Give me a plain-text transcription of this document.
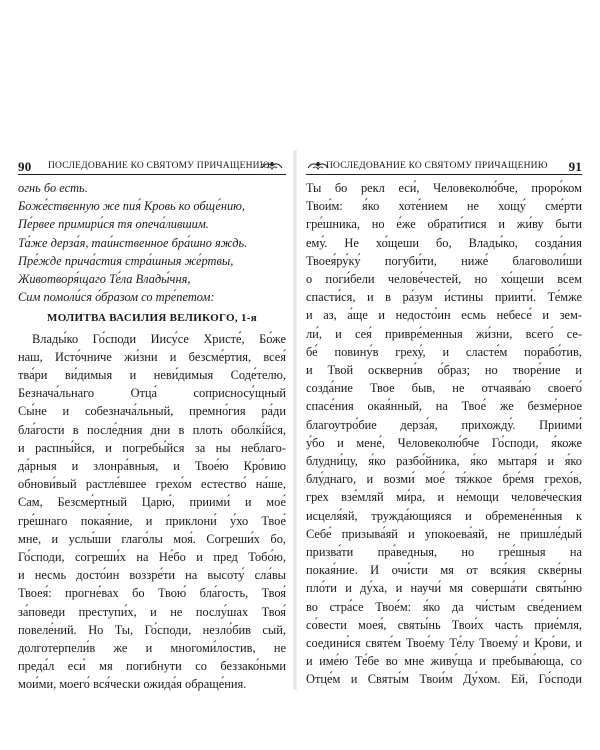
90 ПОСЛЕДОВАНИЕ КО СВЯТОМУ ПРИЧАЩЕНИЮ
огнь бо есть.
Боже́ственную же пия́ Кровь ко обще́нию,
Пе́рвее примири́ся тя опеча́лившим.
Та́же дерза́я, таи́нственное бра́шно яждь.
Пре́жде прича́стия стра́шныя же́ртвы,
Животворя́щаго Те́ла Влады́чня,
Сим помоли́ся о́бразом со тре́петом:
МОЛИТВА ВАСИЛИЯ ВЕЛИКОГО, 1-я
Влады́ко Го́споди Иису́се Христе́, Бо́же
наш, Исто́чниче жи́зни и безсме́ртия, всея́
тва́ри ви́димыя и неви́димыя Соде́телю,
Безнача́льнаго Отца́ соприсносу́щный
Сы́не и собезнача́льный, премно́гия ра́ди
бла́гости в после́дния дни в плоть оболкі́йся,
и распны́йся, и погребы́йся за ны неблаго-
да́рныя и злонра́вныя, и Твое́ю Кро́вию
обнови́вый растле́вшее грехо́м естество́ на́ше,
Сам, Безсме́ртный Царю́, приими́ и мое́
гре́шнаго покая́ние, и приклони́ у́хо Твое́
мне, и услы́ши глаго́лы моя́. Согреши́х бо,
Го́споди, согреши́х на Не́бо и пред Тобо́ю,
и несмь досто́ин воззре́ти на высоту́ сла́вы
Твоея́: прогне́вах бо Твою́ бла́гость, Твоя́
за́поведи преступи́х, и не послу́шах Твоя́
повеле́ний. Но Ты, Го́споди, незло́бив сый,
долготерпели́в же и многоми́лостив, не
преда́л еси́ мя погибнути со беззако́ньми
мои́ми, моего́ вся́чески ожида́я обраще́ния.
ПОСЛЕДОВАНИЕ КО СВЯТОМУ ПРИЧАЩЕНИЮ 91
Ты бо рекл еси́, Человеколю́бче, проро́ком
Твои́м: я́ко хоте́нием не хощу́ сме́рти
гре́шника, но е́же обрати́тися и жи́ву быти
ему́. Не хо́щеши бо, Влады́ко, созда́ния
Твоея́ру́ку́ погуби́ти, ниже́ благоволи́ши
о поги́бели челове́честей, но хо́щеши всем
спасти́ся, и в ра́зум и́стины приити́. Те́мже
и аз, а́ще и недосто́ин есмь небесе́ и зем-
ли́, и сея́ привре́менныя жи́зни, всего́ се-
бе́ повину́в греху́, и сласте́м порабо́тив,
и Твой оскверни́в о́браз; но творе́ние и
созда́ние Твое быв, не отчаява́ю своего́
спасе́ния окая́нный, на Твое́ же безме́рное
благоутро́бие дерза́я, прихожду́. Приими́
у́бо и мене́, Человеколю́бче Го́споди, я́коже
блудни́цу, я́ко разбо́йника, я́ко мытаря́ и я́ко
блу́днаго, и возми́ мое́ тя́жкое бре́мя грехо́в,
грех взе́мляй ми́ра, и не́мощи челове́ческия
исцеля́яй, тружда́ющияся и обремене́нныя к
Себе́ призыва́яй и упокоева́яй, не пришле́дый
призва́ти пра́ведныя, но гре́шныя на
покая́ние. И очи́сти мя от вся́кия скве́рны
пло́ти и ду́ха, и научи́ мя соверша́ти святы́ню
во стра́се Твое́м: я́ко да чи́стым све́дением
со́вести моея́, святы́нь Твои́х часть прие́мля,
соедини́ся святе́м Твое́му Те́лу Твоему́ и Кро́ви, и
и име́ю Те́бе во мне живу́ща и пребыва́юща, со
Отце́м и Святы́м Твои́м Ду́хом. Ей, Го́споди
